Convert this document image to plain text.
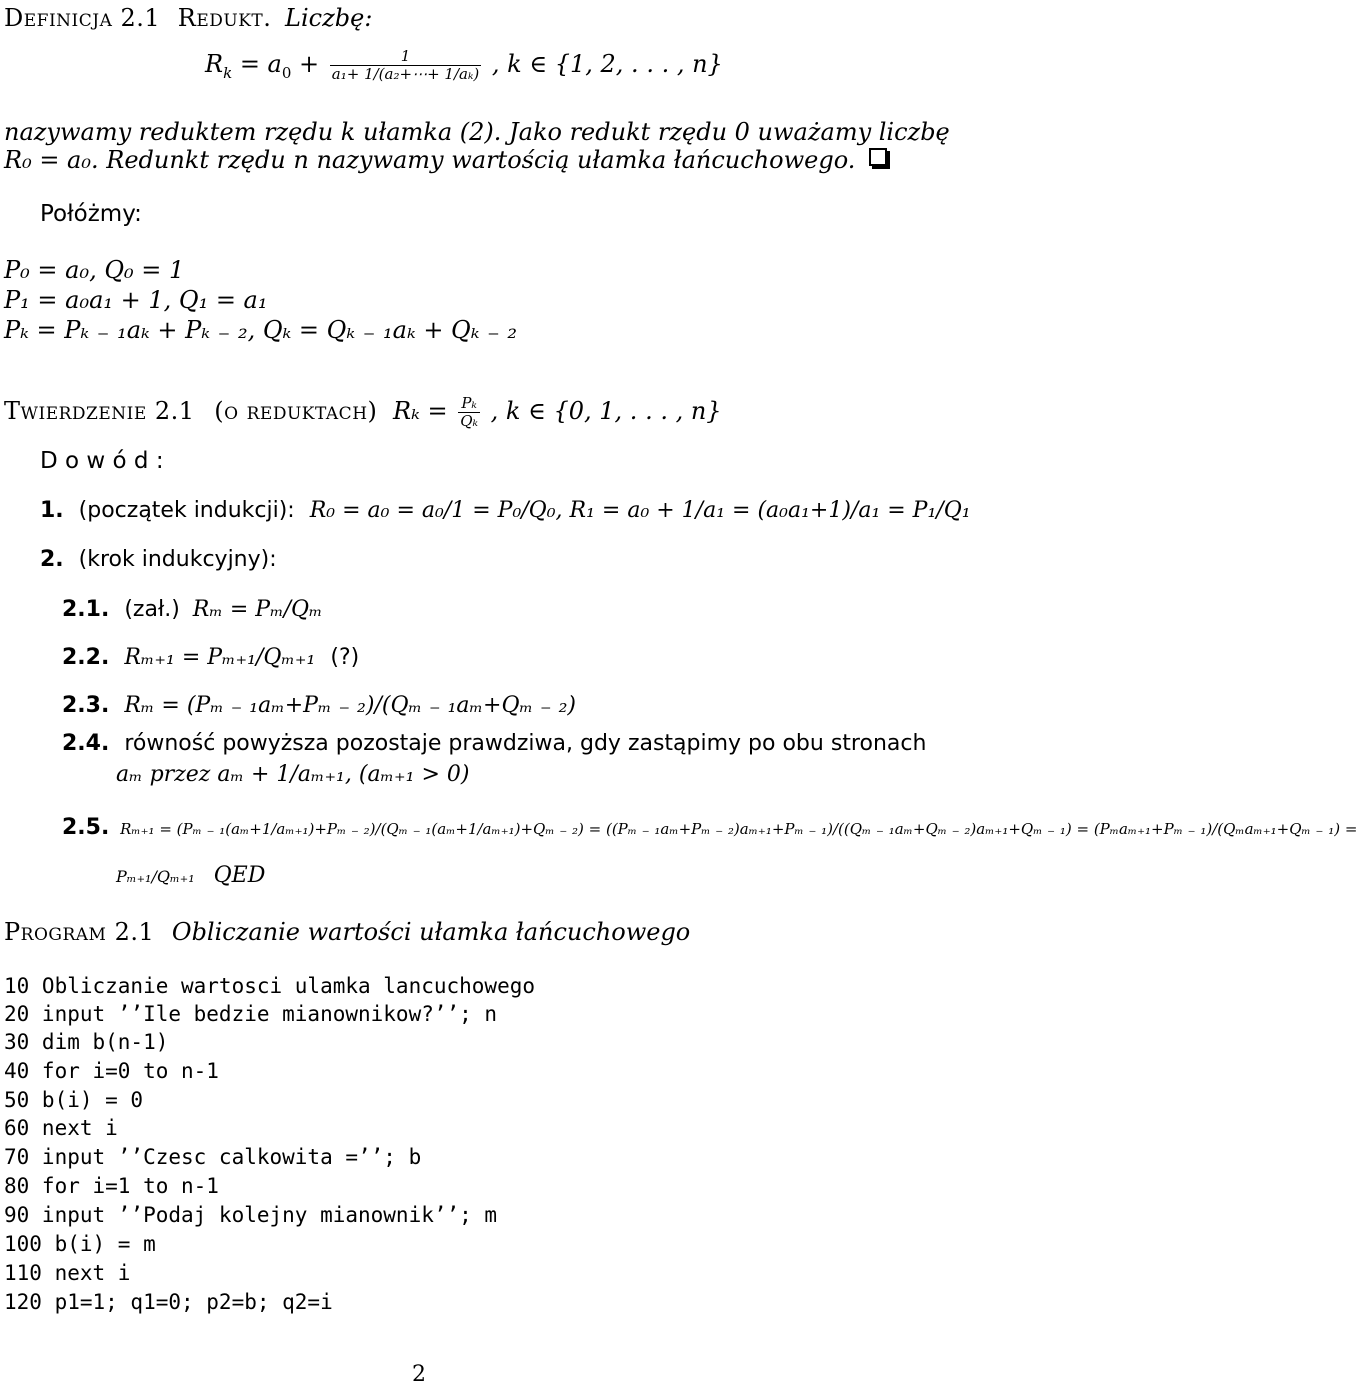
Definicja 2.1 Redukt. Liczbę:
$R_k = a_0 + \frac{1}{\text{a₁+ 1/(a₂+⋯+ 1/aₖ)}}$ , k ∈ {1, 2, . . . , n}
nazywamy reduktem rzędu k ułamka (2). Jako redukt rzędu 0 uważamy liczbę
R₀ = a₀. Redunkt rzędu n nazywamy wartością ułamka łańcuchowego.
Połóżmy:
P₀ = a₀, Q₀ = 1
P₁ = a₀a₁ + 1, Q₁ = a₁
Pₖ = Pₖ ₋ ₁aₖ + Pₖ ₋ ₂, Qₖ = Qₖ ₋ ₁aₖ + Qₖ ₋ ₂
Twierdzenie 2.1 (o reduktach) $R_k = \frac{\text{Pₖ}}{\text{Qₖ}}$ , k ∈ {0, 1, . . . , n}
D o w ó d :
1. (początek indukcji): R₀ = a₀ = a₀/1 = P₀/Q₀, R₁ = a₀ + 1/a₁ = (a₀a₁+1)/a₁ = P₁/Q₁
2. (krok indukcyjny):
2.1. (zał.) Rₘ = Pₘ/Qₘ
2.2. Rₘ₊₁ = Pₘ₊₁/Qₘ₊₁ (?)
2.3. Rₘ = (Pₘ ₋ ₁aₘ+Pₘ ₋ ₂)/(Qₘ ₋ ₁aₘ+Qₘ ₋ ₂)
2.4. równość powyższa pozostaje prawdziwa, gdy zastąpimy po obu stronach
aₘ przez aₘ + 1/aₘ₊₁, (aₘ₊₁ > 0)
2.5. Rₘ₊₁ = (Pₘ ₋ ₁(aₘ+1/aₘ₊₁)+Pₘ ₋ ₂)/(Qₘ ₋ ₁(aₘ+1/aₘ₊₁)+Qₘ ₋ ₂) = ((Pₘ ₋ ₁aₘ+Pₘ ₋ ₂)aₘ₊₁+Pₘ ₋ ₁)/((Qₘ ₋ ₁aₘ+Qₘ ₋ ₂)aₘ₊₁+Qₘ ₋ ₁) = (Pₘaₘ₊₁+Pₘ ₋ ₁)/(Qₘaₘ₊₁+Qₘ ₋ ₁) =
Pₘ₊₁/Qₘ₊₁ QED
Program 2.1 Obliczanie wartości ułamka łańcuchowego
10 Obliczanie wartosci ulamka lancuchowego
20 input ’’Ile bedzie mianownikow?’’; n
30 dim b(n-1)
40 for i=0 to n-1
50 b(i) = 0
60 next i
70 input ’’Czesc calkowita =’’; b
80 for i=1 to n-1
90 input ’’Podaj kolejny mianownik’’; m
100 b(i) = m
110 next i
120 p1=1; q1=0; p2=b; q2=i
2
